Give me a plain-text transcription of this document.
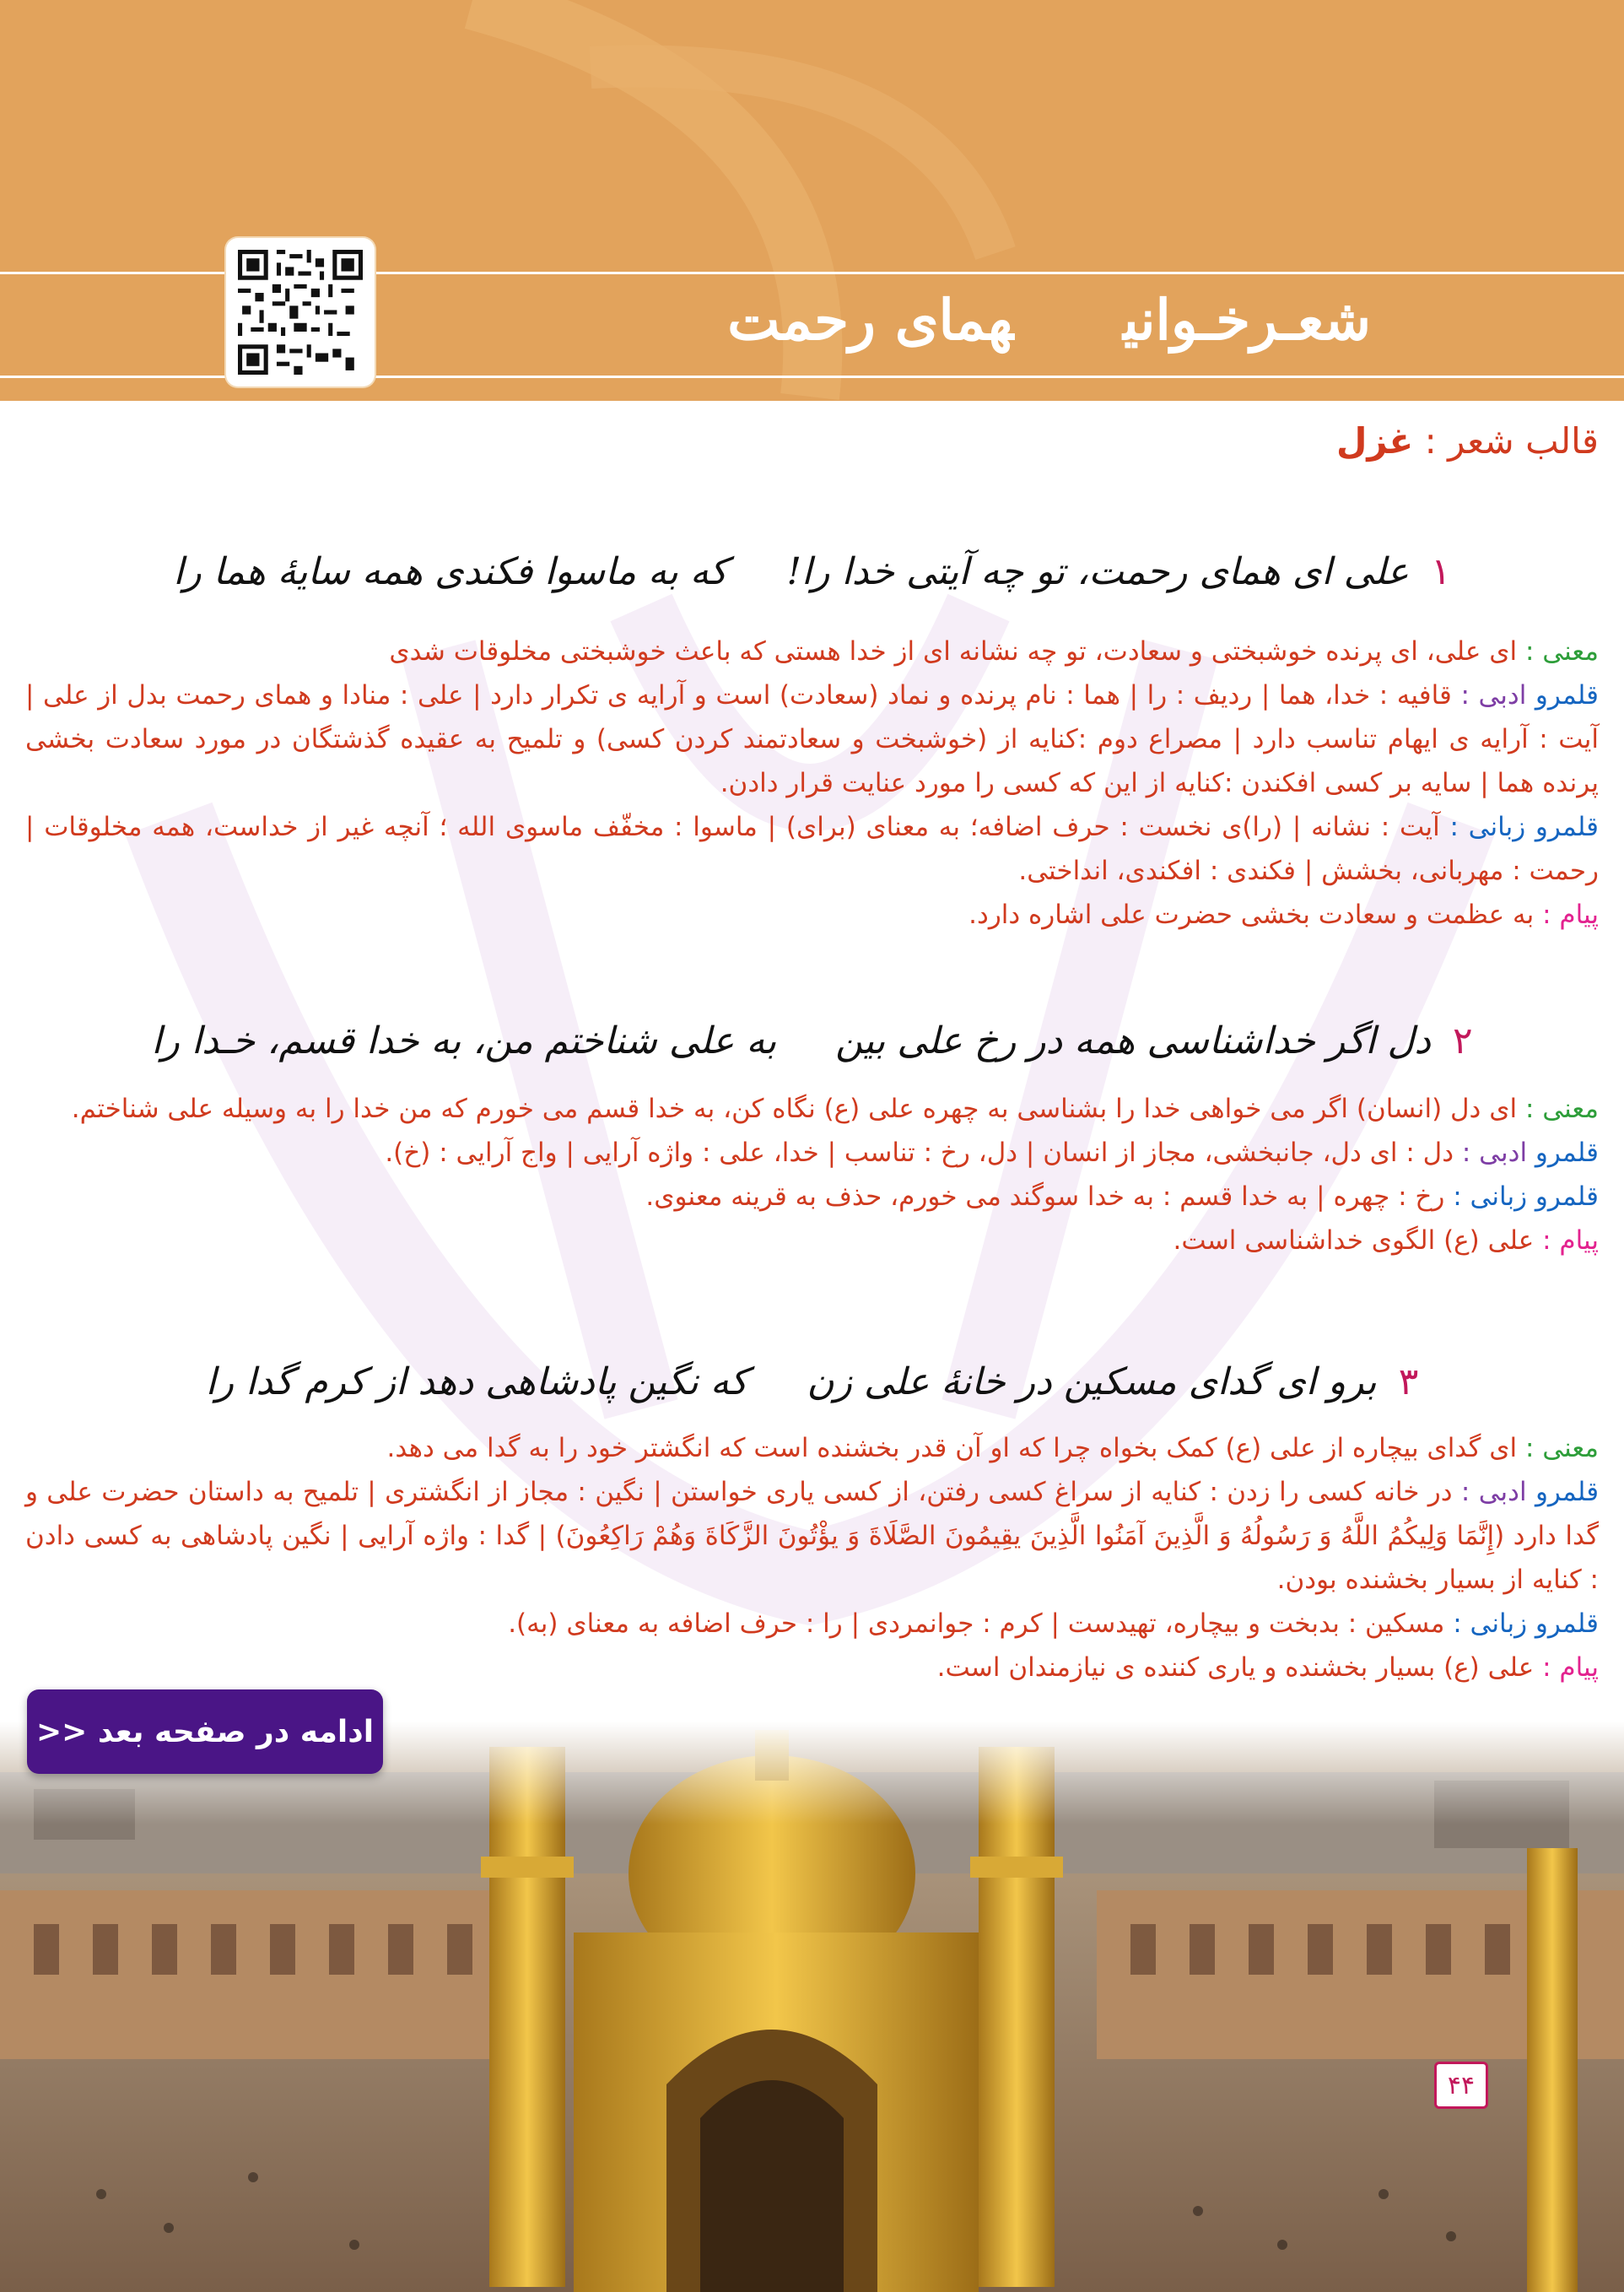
شعـرخـوانیهمای رحمت
قالب شعر : غزل
۱علی ای همای رحمت، تو چه آیتی خدا را!که به ماسوا فکندی همه سایهٔ هما را
معنی : ای علی، ای پرنده خوشبختی و سعادت، تو چه نشانه ای از خدا هستی که باعث خوشبختی مخلوقات شدی
قلمرو ادبی : قافیه : خدا، هما | ردیف : را | هما : نام پرنده و نماد (سعادت) است و آرایه ی تکرار دارد | علی : منادا و همای رحمت بدل از علی | آیت : آرایه ی ایهام تناسب دارد | مصراع دوم :کنایه از (خوشبخت و سعادتمند کردن کسی) و تلمیح به عقیده گذشتگان در مورد سعادت بخشی پرنده هما | سایه بر کسی افکندن :کنایه از این که کسی را مورد عنایت قرار دادن.
قلمرو زبانی : آیت : نشانه | (را)ی نخست : حرف اضافه؛ به معنای (برای) | ماسوا : مخفّف ماسوی الله ؛ آنچه غیر از خداست، همه مخلوقات | رحمت : مهربانی، بخشش | فکندی : افکندی، انداختی.
پیام : به عظمت و سعادت بخشی حضرت علی اشاره دارد.
۲دل اگر خداشناسی همه در رخ علی بینبه علی شناختم من، به خدا قسم، خـدا را
معنی : ای دل (انسان) اگر می خواهی خدا را بشناسی به چهره علی (ع) نگاه کن، به خدا قسم می خورم که من خدا را به وسیله علی شناختم.
قلمرو ادبی : دل : ای دل، جانبخشی، مجاز از انسان | دل، رخ : تناسب | خدا، علی : واژه آرایی | واج آرایی : (خ).
قلمرو زبانی : رخ : چهره | به خدا قسم : به خدا سوگند می خورم، حذف به قرینه معنوی.
پیام : علی (ع) الگوی خداشناسی است.
۳برو ای گدای مسکین در خانهٔ علی زنکه نگین پادشاهی دهد از کرم گدا را
معنی : ای گدای بیچاره از علی (ع) کمک بخواه چرا که او آن قدر بخشنده است که انگشتر خود را به گدا می دهد.
قلمرو ادبی : در خانه کسی را زدن : کنایه از سراغ کسی رفتن، از کسی یاری خواستن | نگین : مجاز از انگشتری | تلمیح به داستان حضرت علی و گدا دارد (إِنَّمَا وَلِيكُمُ اللَّهُ وَ رَسُولُهُ وَ الَّذِينَ آمَنُوا الَّذِينَ يقِيمُونَ الصَّلَاةَ وَ يؤْتُونَ الزَّكَاةَ وَهُمْ رَاكِعُونَ) | گدا : واژه آرایی | نگین پادشاهی به کسی دادن : کنایه از بسیار بخشنده بودن.
قلمرو زبانی : مسکین : بدبخت و بیچاره، تهیدست | کرم : جوانمردی | را : حرف اضافه به معنای (به).
پیام : علی (ع) بسیار بخشنده و یاری کننده ی نیازمندان است.
۴۴
ادامه در صفحه بعد <<
